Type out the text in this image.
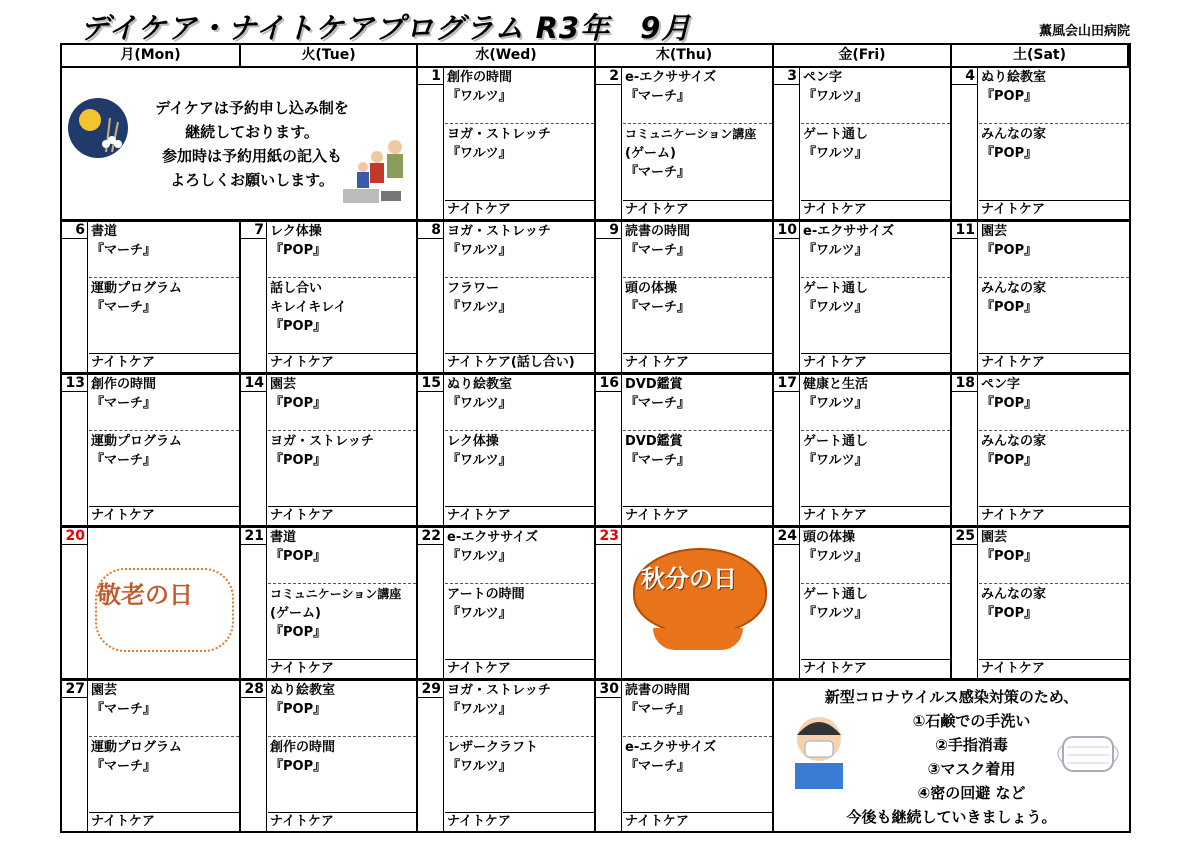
デイケア・ナイトケアプログラム R3年　9月	薫風会山田病院
月(Mon)	火(Tue)	水(Wed)	木(Thu)	金(Fri)	土(Sat)
デイケアは予約申し込み制を
継続しております。
参加時は予約用紙の記入も
よろしくお願いします。
1 創作の時間
『ワルツ』
ヨガ・ストレッチ
『ワルツ』
ナイトケア
2 e-エクササイズ
『マーチ』
コミュニケーション講座
(ゲーム)
『マーチ』
ナイトケア
3 ペン字
『ワルツ』
ゲート通し
『ワルツ』
ナイトケア
4 ぬり絵教室
『POP』
みんなの家
『POP』
ナイトケア
6 書道
『マーチ』
運動プログラム
『マーチ』
ナイトケア
7 レク体操
『POP』
話し合い
キレイキレイ
『POP』
ナイトケア
8 ヨガ・ストレッチ
『ワルツ』
フラワー
『ワルツ』
ナイトケア(話し合い)
9 読書の時間
『マーチ』
頭の体操
『マーチ』
ナイトケア
10 e-エクササイズ
『ワルツ』
ゲート通し
『ワルツ』
ナイトケア
11 園芸
『POP』
みんなの家
『POP』
ナイトケア
13 創作の時間
『マーチ』
運動プログラム
『マーチ』
ナイトケア
14 園芸
『POP』
ヨガ・ストレッチ
『POP』
ナイトケア
15 ぬり絵教室
『ワルツ』
レク体操
『ワルツ』
ナイトケア
16 DVD鑑賞
『マーチ』
DVD鑑賞
『マーチ』
ナイトケア
17 健康と生活
『ワルツ』
ゲート通し
『ワルツ』
ナイトケア
18 ペン字
『POP』
みんなの家
『POP』
ナイトケア
20
敬老の日
21 書道
『POP』
コミュニケーション講座
(ゲーム)
『POP』
ナイトケア
22 e-エクササイズ
『ワルツ』
アートの時間
『ワルツ』
ナイトケア
23
秋分の日
24 頭の体操
『ワルツ』
ゲート通し
『ワルツ』
ナイトケア
25 園芸
『POP』
みんなの家
『POP』
ナイトケア
27 園芸
『マーチ』
運動プログラム
『マーチ』
ナイトケア
28 ぬり絵教室
『POP』
創作の時間
『POP』
ナイトケア
29 ヨガ・ストレッチ
『ワルツ』
レザークラフト
『ワルツ』
ナイトケア
30 読書の時間
『マーチ』
e-エクササイズ
『マーチ』
ナイトケア
新型コロナウイルス感染対策のため、
①石鹸での手洗い
②手指消毒
③マスク着用
④密の回避 など
今後も継続していきましょう。
